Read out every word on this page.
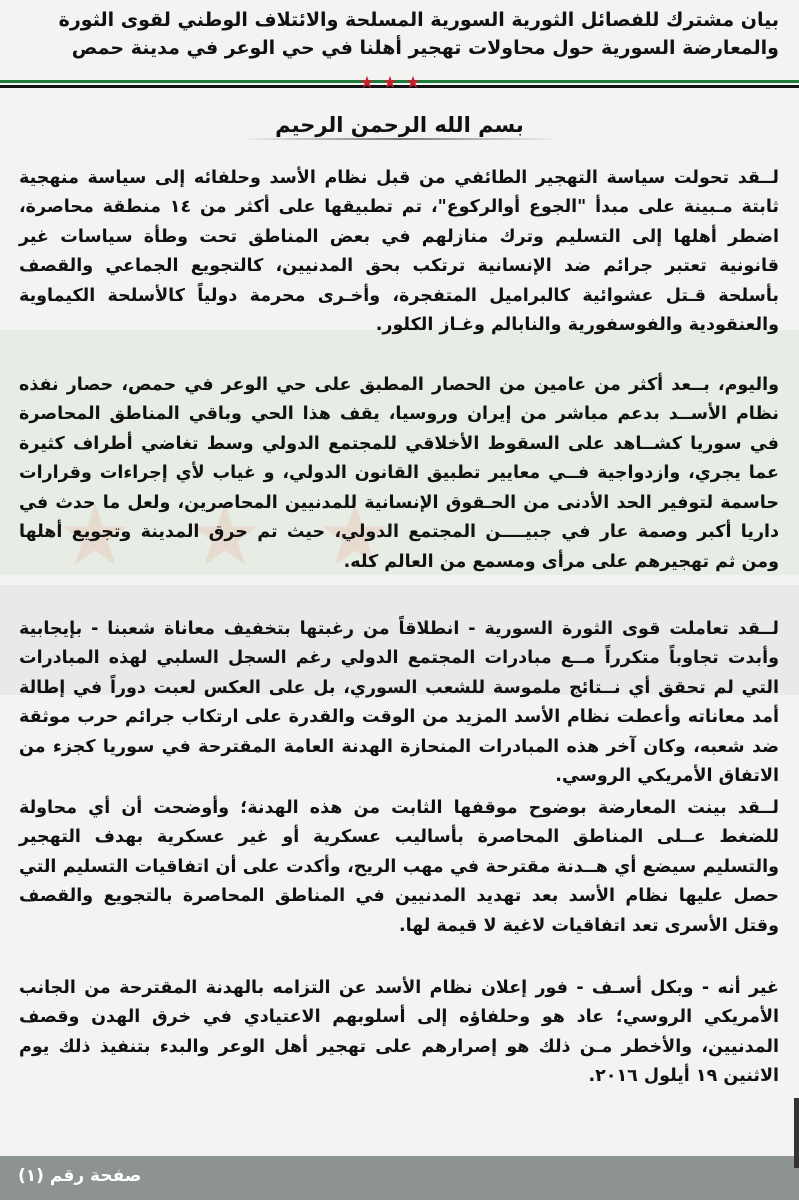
بيان مشترك للفصائل الثورية السورية المسلحة والائتلاف الوطني لقوى الثورة والمعارضة السورية حول محاولات تهجير أهلنا في حي الوعر في مدينة حمص
بسم الله الرحمن الرحيم

لــقد تحولت سياسة التهجير الطائفي من قبل نظام الأسد وحلفائه إلى سياسة منهجية ثابتة مـبينة على مبدأ "الجوع أوالركوع"، تم تطبيقها على أكثر من ١٤ منطقة محاصرة، اضطر أهلها إلى التسليم وترك منازلهم في بعض المناطق تحت وطأة سياسات غير قانونية تعتبر جرائم ضد الإنسانية ترتكب بحق المدنيين، كالتجويع الجماعي والقصف بأسلحة قـتل عشوائية كالبراميل المتفجرة، وأخـرى محرمة دولياً كالأسلحة الكيماوية والعنقودية والفوسفورية والنابالم وغـاز الكلور.

واليوم، بــعد أكثر من عامين من الحصار المطبق على حي الوعر في حمص، حصار نفذه نظام الأســد بدعم مباشر من إيران وروسيا، يقف هذا الحي وباقي المناطق المحاصرة في سوريا كشــاهد على السقوط الأخلاقي للمجتمع الدولي وسط تغاضي أطراف كثيرة عما يجري، وازدواجية فــي معايير تطبيق القانون الدولي، و غياب لأي إجراءات وقرارات حاسمة لتوفير الحد الأدنى من الحـقوق الإنسانية للمدنيين المحاصرين، ولعل ما حدث في داريا أكبر وصمة عار في جبيــــن المجتمع الدولي، حيث تم حرق المدينة وتجويع أهلها ومن ثم تهجيرهم على مرأى ومسمع من العالم كله.

لــقد تعاملت قوى الثورة السورية - انطلاقاً من رغبتها بتخفيف معاناة شعبنا - بإيجابية وأبدت تجاوباً متكرراً مــع مبادرات المجتمع الدولي رغم السجل السلبي لهذه المبادرات التي لم تحقق أي نــتائج ملموسة للشعب السوري، بل على العكس لعبت دوراً في إطالة أمد معاناته وأعطت نظام الأسد المزيد من الوقت والقدرة على ارتكاب جرائم حرب موثقة ضد شعبه، وكان آخر هذه المبادرات المنحازة الهدنة العامة المقترحة في سوريا كجزء من الاتفاق الأمريكي الروسي.

لــقد بينت المعارضة بوضوح موقفها الثابت من هذه الهدنة؛ وأوضحت أن أي محاولة للضغط عــلى المناطق المحاصرة بأساليب عسكرية أو غير عسكرية بهدف التهجير والتسليم سيضع أي هــدنة مقترحة في مهب الريح، وأكدت على أن اتفاقيات التسليم التي حصل عليها نظام الأسد بعد تهديد المدنيين في المناطق المحاصرة بالتجويع والقصف وقتل الأسرى تعد اتفاقيات لاغية لا قيمة لها.

غير أنه - وبكل أسـف - فور إعلان نظام الأسد عن التزامه بالهدنة المقترحة من الجانب الأمريكي الروسي؛ عاد هو وحلفاؤه إلى أسلوبهم الاعتيادي في خرق الهدن وقصف المدنيين، والأخطر مـن ذلك هو إصرارهم على تهجير أهل الوعر والبدء بتنفيذ ذلك يوم الاثنين ١٩ أيلول ٢٠١٦.

صفحة رقم (١)
